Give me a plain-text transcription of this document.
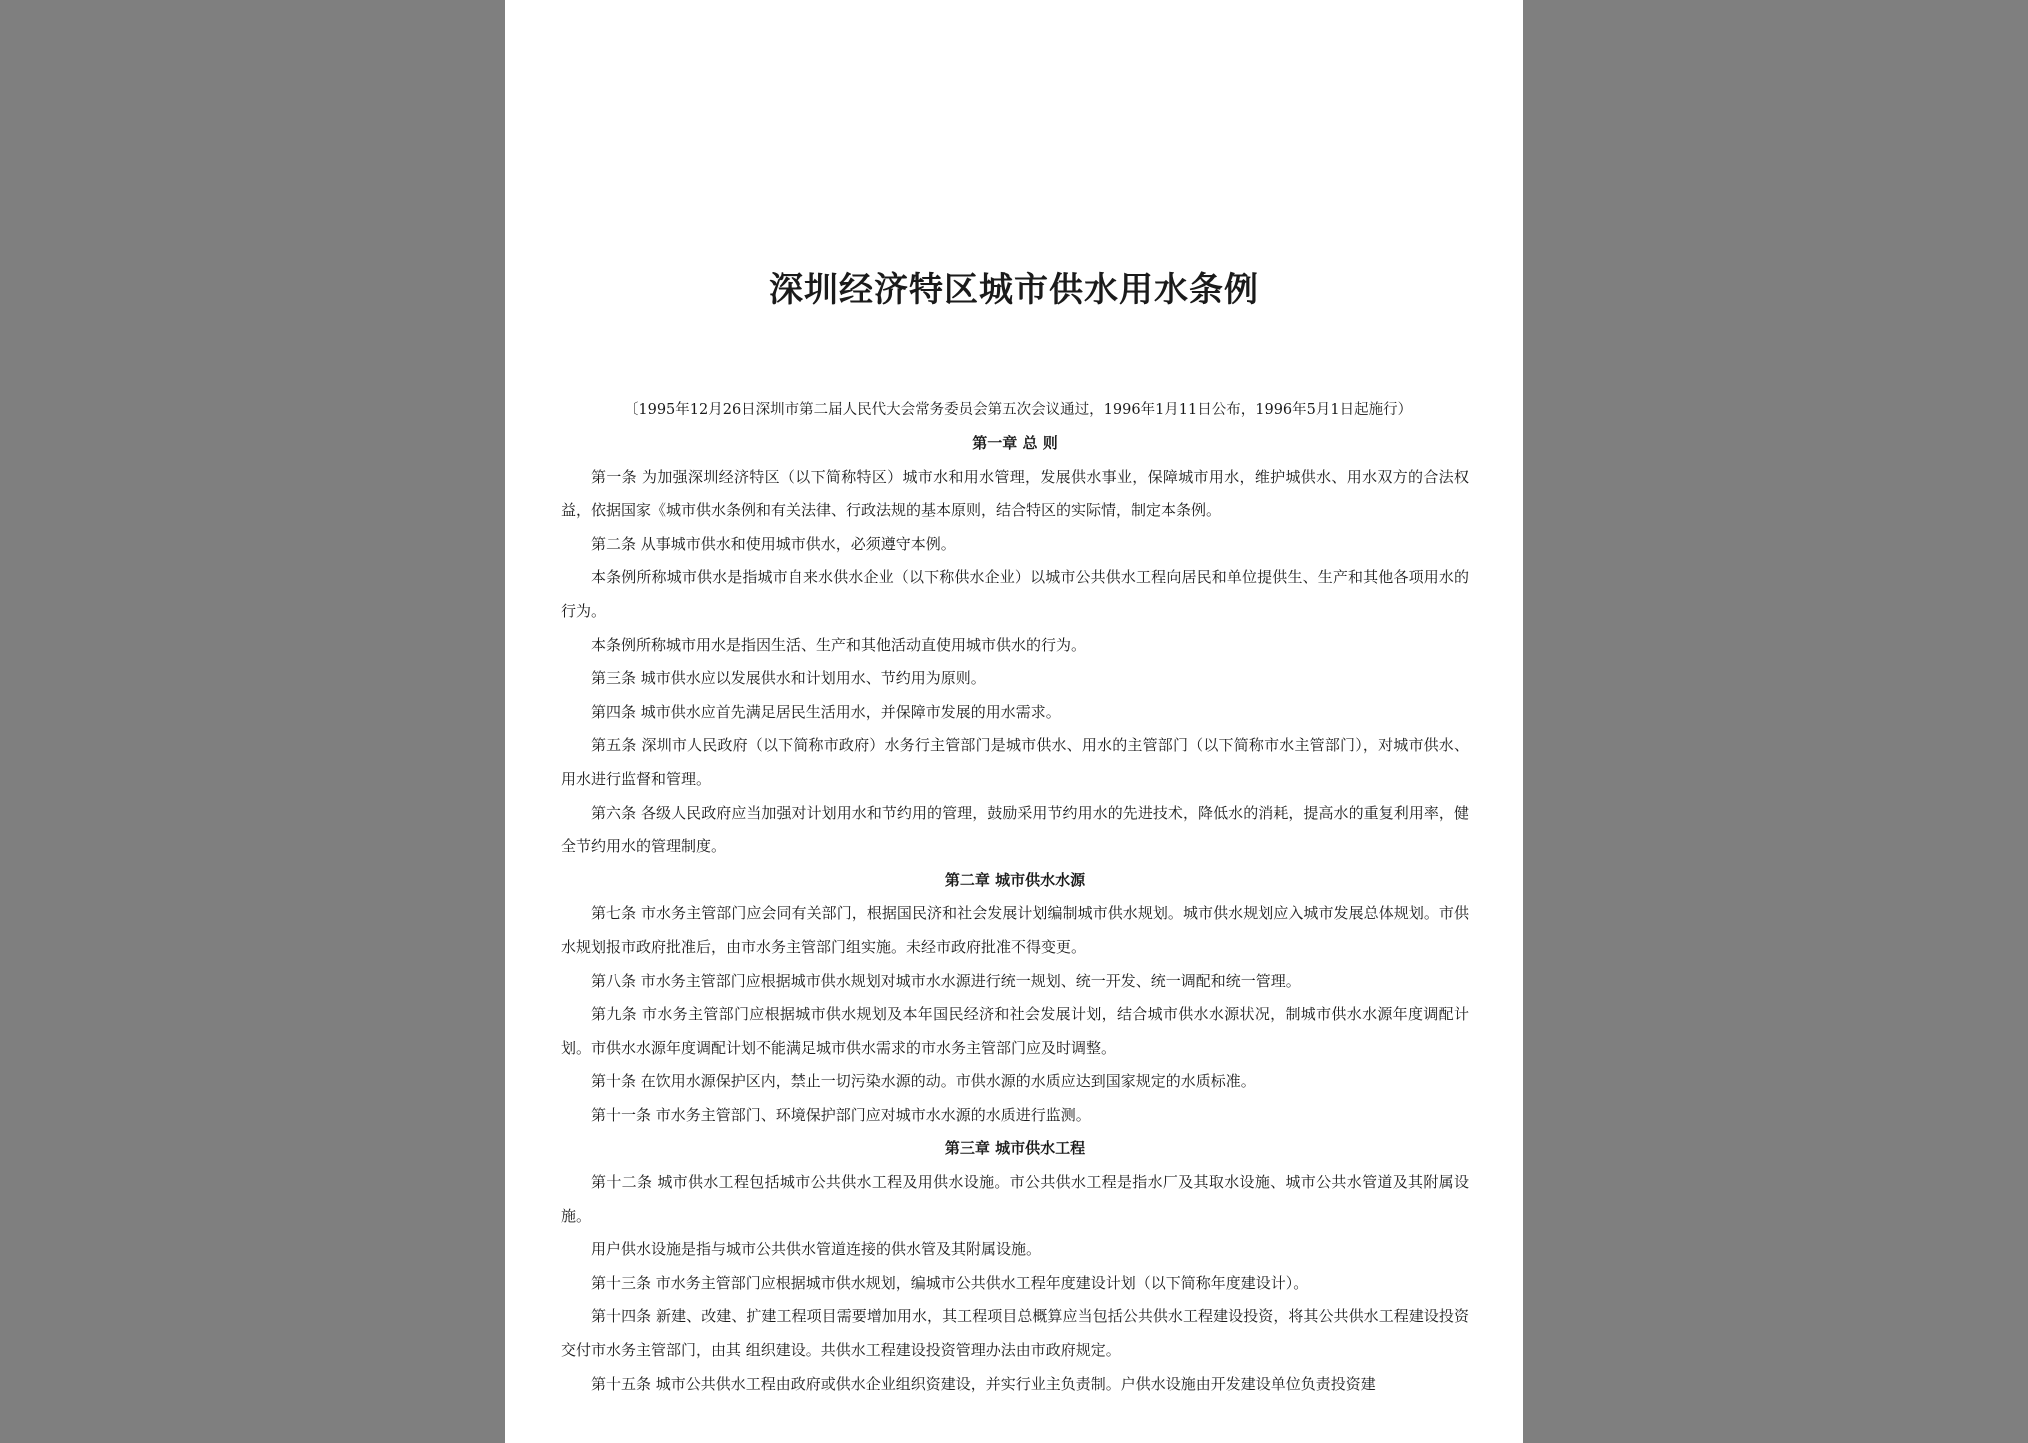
深圳经济特区城市供水用水条例
〔1995年12月26日深圳市第二届人民代大会常务委员会第五次会议通过，1996年1月11日公布，1996年5月1日起施行）
第一章 总 则

第一条 为加强深圳经济特区（以下简称特区）城市水和用水管理，发展供水事业，保障城市用水，维护城供水、用水双方的合法权益，依据国家《城市供水条例和有关法律、行政法规的基本原则，结合特区的实际情，制定本条例。

第二条 从事城市供水和使用城市供水，必须遵守本例。

本条例所称城市供水是指城市自来水供水企业（以下称供水企业）以城市公共供水工程向居民和单位提供生、生产和其他各项用水的行为。

本条例所称城市用水是指因生活、生产和其他活动直使用城市供水的行为。

第三条 城市供水应以发展供水和计划用水、节约用为原则。

第四条 城市供水应首先满足居民生活用水，并保障市发展的用水需求。

第五条 深圳市人民政府（以下简称市政府）水务行主管部门是城市供水、用水的主管部门（以下简称市水主管部门），对城市供水、用水进行监督和管理。

第六条 各级人民政府应当加强对计划用水和节约用的管理，鼓励采用节约用水的先进技术，降低水的消耗，提高水的重复利用率，健全节约用水的管理制度。

第二章 城市供水水源

第七条 市水务主管部门应会同有关部门，根据国民济和社会发展计划编制城市供水规划。城市供水规划应入城市发展总体规划。市供水规划报市政府批准后，由市水务主管部门组实施。未经市政府批准不得变更。

第八条 市水务主管部门应根据城市供水规划对城市水水源进行统一规划、统一开发、统一调配和统一管理。

第九条 市水务主管部门应根据城市供水规划及本年国民经济和社会发展计划，结合城市供水水源状况，制城市供水水源年度调配计划。市供水水源年度调配计划不能满足城市供水需求的市水务主管部门应及时调整。

第十条 在饮用水源保护区内，禁止一切污染水源的动。市供水源的水质应达到国家规定的水质标准。

第十一条 市水务主管部门、环境保护部门应对城市水水源的水质进行监测。

第三章 城市供水工程

第十二条 城市供水工程包括城市公共供水工程及用供水设施。市公共供水工程是指水厂及其取水设施、城市公共水管道及其附属设施。

用户供水设施是指与城市公共供水管道连接的供水管及其附属设施。

第十三条 市水务主管部门应根据城市供水规划，编城市公共供水工程年度建设计划（以下简称年度建设计）。

第十四条 新建、改建、扩建工程项目需要增加用水，其工程项目总概算应当包括公共供水工程建设投资，将其公共供水工程建设投资交付市水务主管部门，由其 组织建设。共供水工程建设投资管理办法由市政府规定。

第十五条 城市公共供水工程由政府或供水企业组织资建设，并实行业主负责制。户供水设施由开发建设单位负责投资建
